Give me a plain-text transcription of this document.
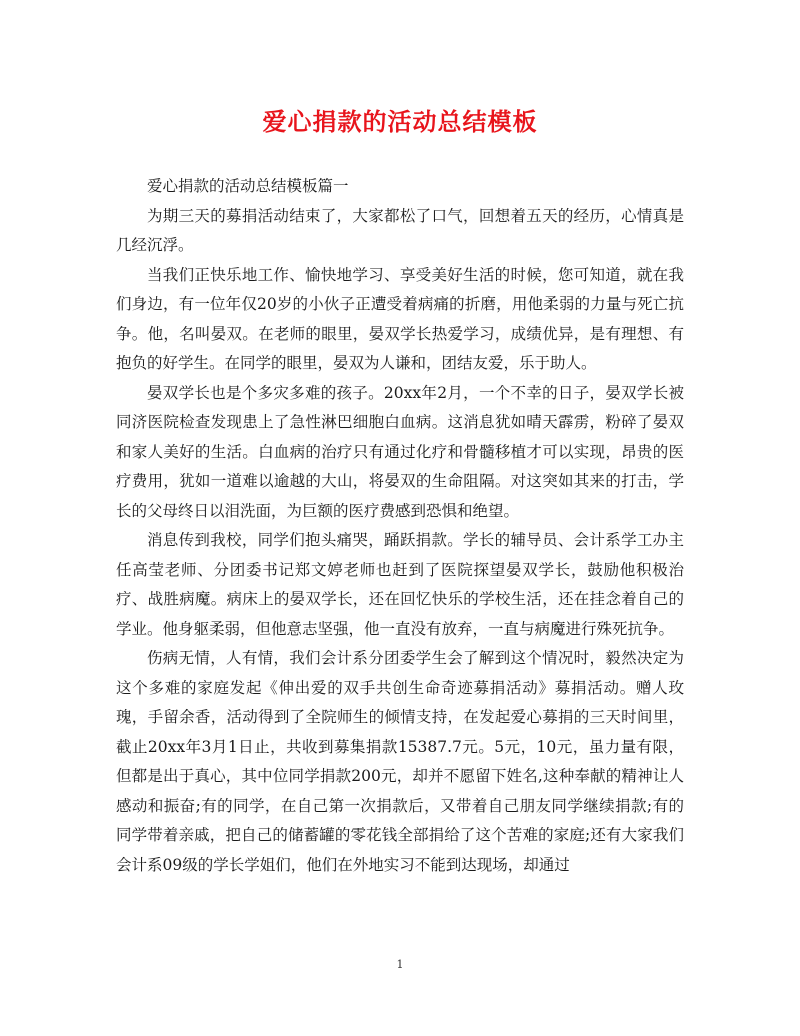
爱心捐款的活动总结模板

爱心捐款的活动总结模板篇一

为期三天的募捐活动结束了，大家都松了口气，回想着五天的经历，心情真是几经沉浮。

当我们正快乐地工作、愉快地学习、享受美好生活的时候，您可知道，就在我们身边，有一位年仅20岁的小伙子正遭受着病痛的折磨，用他柔弱的力量与死亡抗争。他，名叫晏双。在老师的眼里，晏双学长热爱学习，成绩优异，是有理想、有抱负的好学生。在同学的眼里，晏双为人谦和，团结友爱，乐于助人。

晏双学长也是个多灾多难的孩子。20xx年2月，一个不幸的日子，晏双学长被同济医院检查发现患上了急性淋巴细胞白血病。这消息犹如晴天霹雳，粉碎了晏双和家人美好的生活。白血病的治疗只有通过化疗和骨髓移植才可以实现，昂贵的医疗费用，犹如一道难以逾越的大山，将晏双的生命阻隔。对这突如其来的打击，学长的父母终日以泪洗面，为巨额的医疗费感到恐惧和绝望。

消息传到我校，同学们抱头痛哭，踊跃捐款。学长的辅导员、会计系学工办主任高莹老师、分团委书记郑文婷老师也赶到了医院探望晏双学长，鼓励他积极治疗、战胜病魔。病床上的晏双学长，还在回忆快乐的学校生活，还在挂念着自己的学业。他身躯柔弱，但他意志坚强，他一直没有放弃，一直与病魔进行殊死抗争。

伤病无情，人有情，我们会计系分团委学生会了解到这个情况时，毅然决定为这个多难的家庭发起《伸出爱的双手共创生命奇迹募捐活动》募捐活动。赠人玫瑰，手留余香，活动得到了全院师生的倾情支持，在发起爱心募捐的三天时间里，截止20xx年3月1日止，共收到募集捐款15387.7元。5元，10元，虽力量有限，但都是出于真心，其中位同学捐款200元，却并不愿留下姓名,这种奉献的精神让人感动和振奋;有的同学，在自己第一次捐款后，又带着自己朋友同学继续捐款;有的同学带着亲戚，把自己的储蓄罐的零花钱全部捐给了这个苦难的家庭;还有大家我们会计系09级的学长学姐们，他们在外地实习不能到达现场，却通过

1
